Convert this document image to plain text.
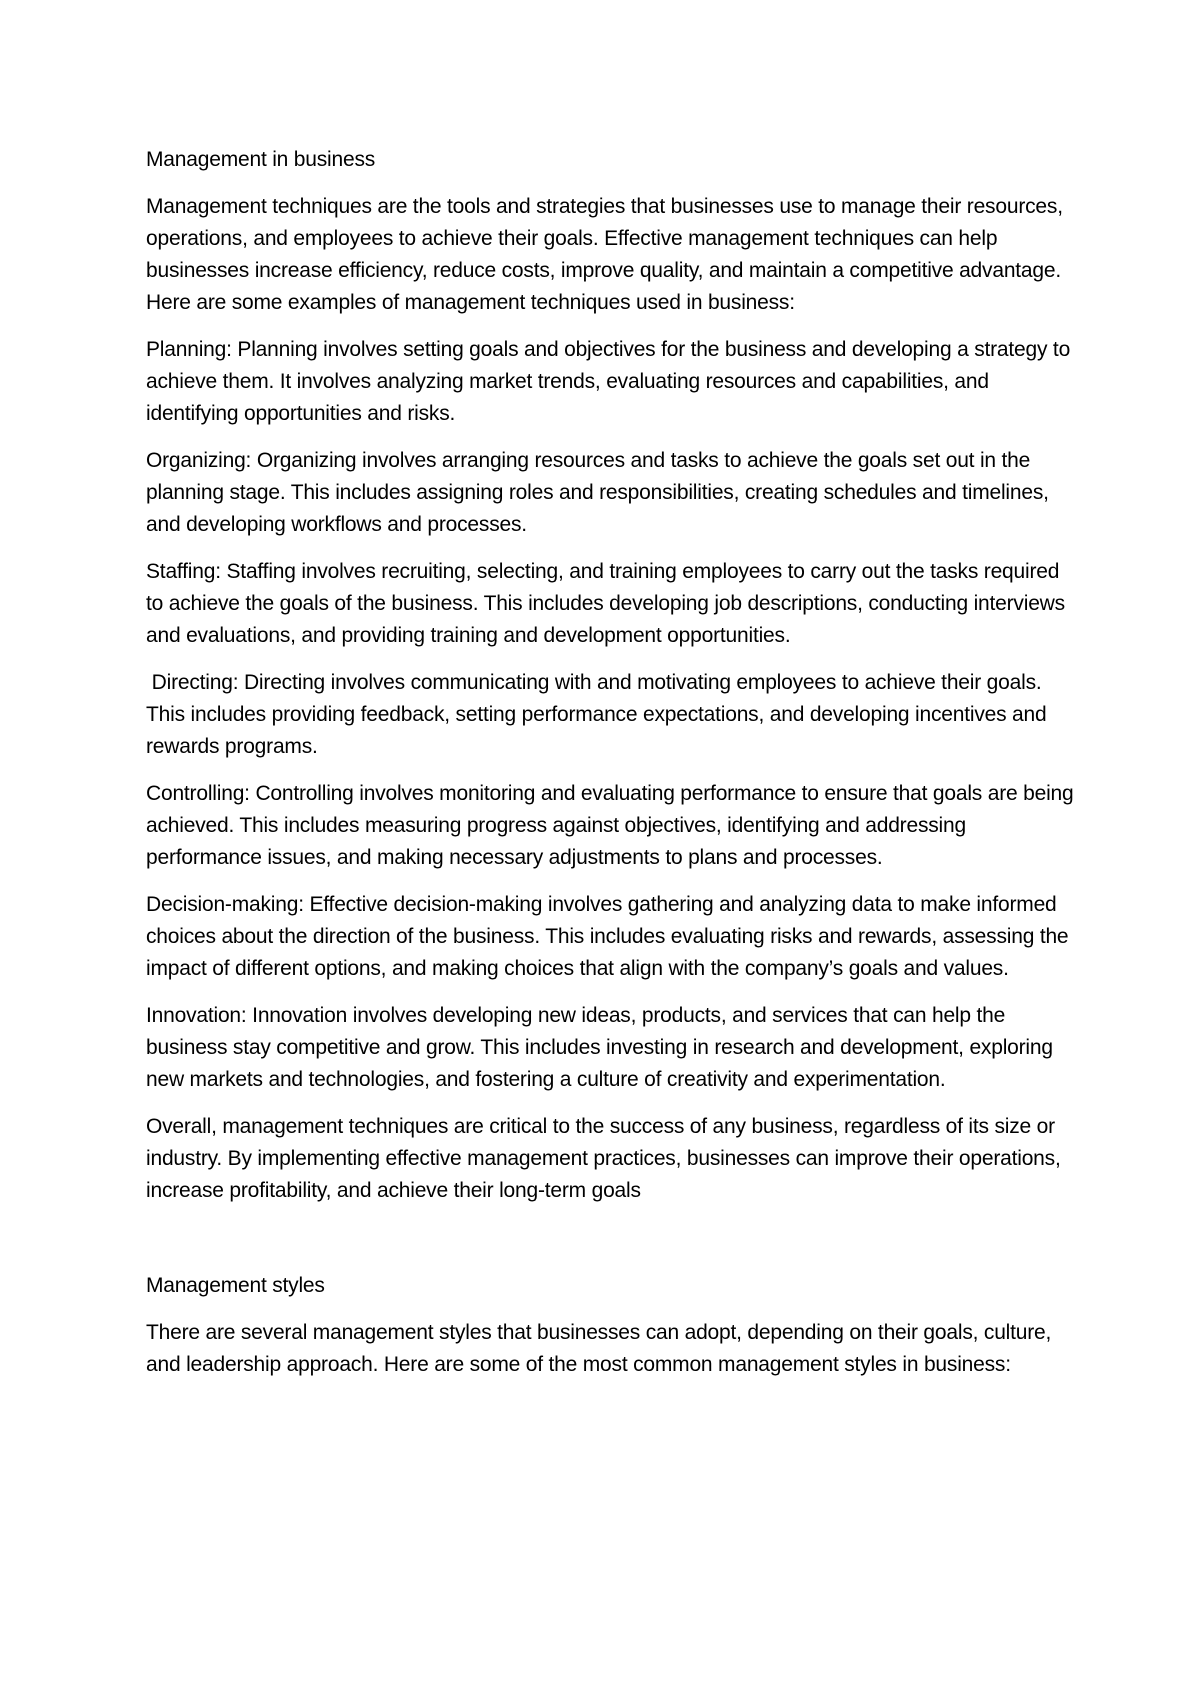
Management in business

Management techniques are the tools and strategies that businesses use to manage their resources, operations, and employees to achieve their goals. Effective management techniques can help businesses increase efficiency, reduce costs, improve quality, and maintain a competitive advantage. Here are some examples of management techniques used in business:

Planning: Planning involves setting goals and objectives for the business and developing a strategy to achieve them. It involves analyzing market trends, evaluating resources and capabilities, and identifying opportunities and risks.

Organizing: Organizing involves arranging resources and tasks to achieve the goals set out in the planning stage. This includes assigning roles and responsibilities, creating schedules and timelines, and developing workflows and processes.

Staffing: Staffing involves recruiting, selecting, and training employees to carry out the tasks required to achieve the goals of the business. This includes developing job descriptions, conducting interviews and evaluations, and providing training and development opportunities.

Directing: Directing involves communicating with and motivating employees to achieve their goals. This includes providing feedback, setting performance expectations, and developing incentives and rewards programs.

Controlling: Controlling involves monitoring and evaluating performance to ensure that goals are being achieved. This includes measuring progress against objectives, identifying and addressing performance issues, and making necessary adjustments to plans and processes.

Decision-making: Effective decision-making involves gathering and analyzing data to make informed choices about the direction of the business. This includes evaluating risks and rewards, assessing the impact of different options, and making choices that align with the company’s goals and values.

Innovation: Innovation involves developing new ideas, products, and services that can help the business stay competitive and grow. This includes investing in research and development, exploring new markets and technologies, and fostering a culture of creativity and experimentation.

Overall, management techniques are critical to the success of any business, regardless of its size or industry. By implementing effective management practices, businesses can improve their operations, increase profitability, and achieve their long-term goals

Management styles

There are several management styles that businesses can adopt, depending on their goals, culture, and leadership approach. Here are some of the most common management styles in business:
